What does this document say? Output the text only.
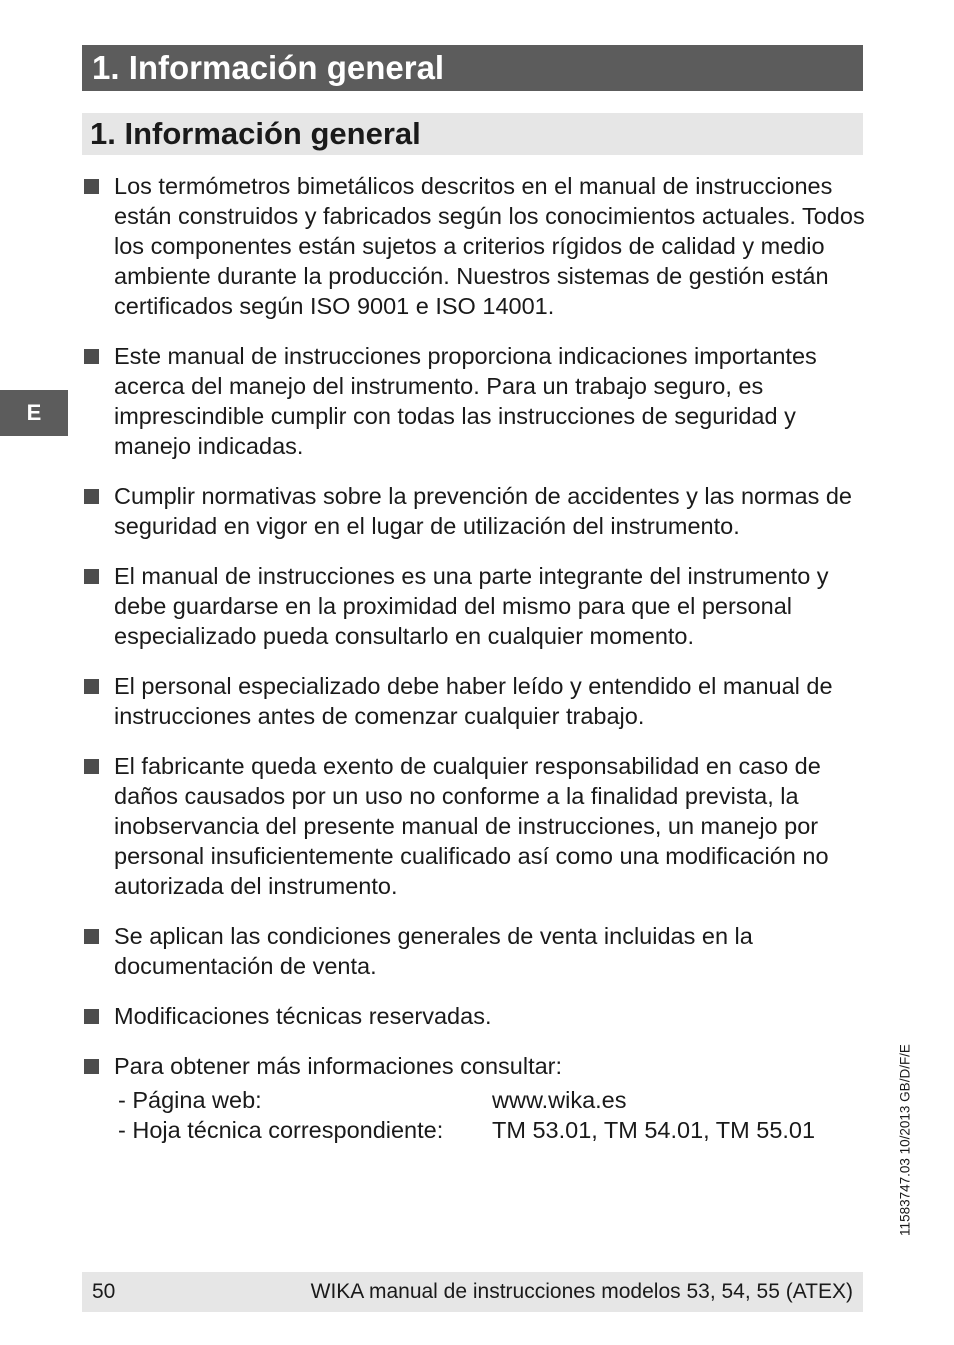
1. Información general
1. Información general
E
Los termómetros bimetálicos descritos en el manual de instrucciones están construidos y fabricados según los conocimientos actuales. Todos los componentes están sujetos a criterios rígidos de calidad y medio ambiente durante la producción. Nuestros sistemas de gestión están certificados según ISO 9001 e ISO 14001.
Este manual de instrucciones proporciona indicaciones importantes acerca del manejo del instrumento. Para un trabajo seguro, es imprescindible cumplir con todas las instrucciones de seguridad y manejo indicadas.
Cumplir normativas sobre la prevención de accidentes y las normas de seguridad en vigor en el lugar de utilización del instrumento.
El manual de instrucciones es una parte integrante del instrumento y debe guardarse en la proximidad del mismo para que el personal especializado pueda consultarlo en cualquier momento.
El personal especializado debe haber leído y entendido el manual de instrucciones antes de comenzar cualquier trabajo.
El fabricante queda exento de cualquier responsabilidad en caso de daños causados por un uso no conforme a la finalidad prevista, la inobservancia del presente manual de instrucciones, un manejo por personal insuficientemente cualificado así como una modificación no autorizada del instrumento.
Se aplican las condiciones generales de venta incluidas en la documentación de venta.
Modificaciones técnicas reservadas.
Para obtener más informaciones consultar:
- Página web:	www.wika.es
- Hoja técnica correspondiente:	TM 53.01, TM 54.01, TM 55.01	11583747.03 10/2013 GB/D/F/E
50	WIKA manual de instrucciones modelos 53, 54, 55 (ATEX)
